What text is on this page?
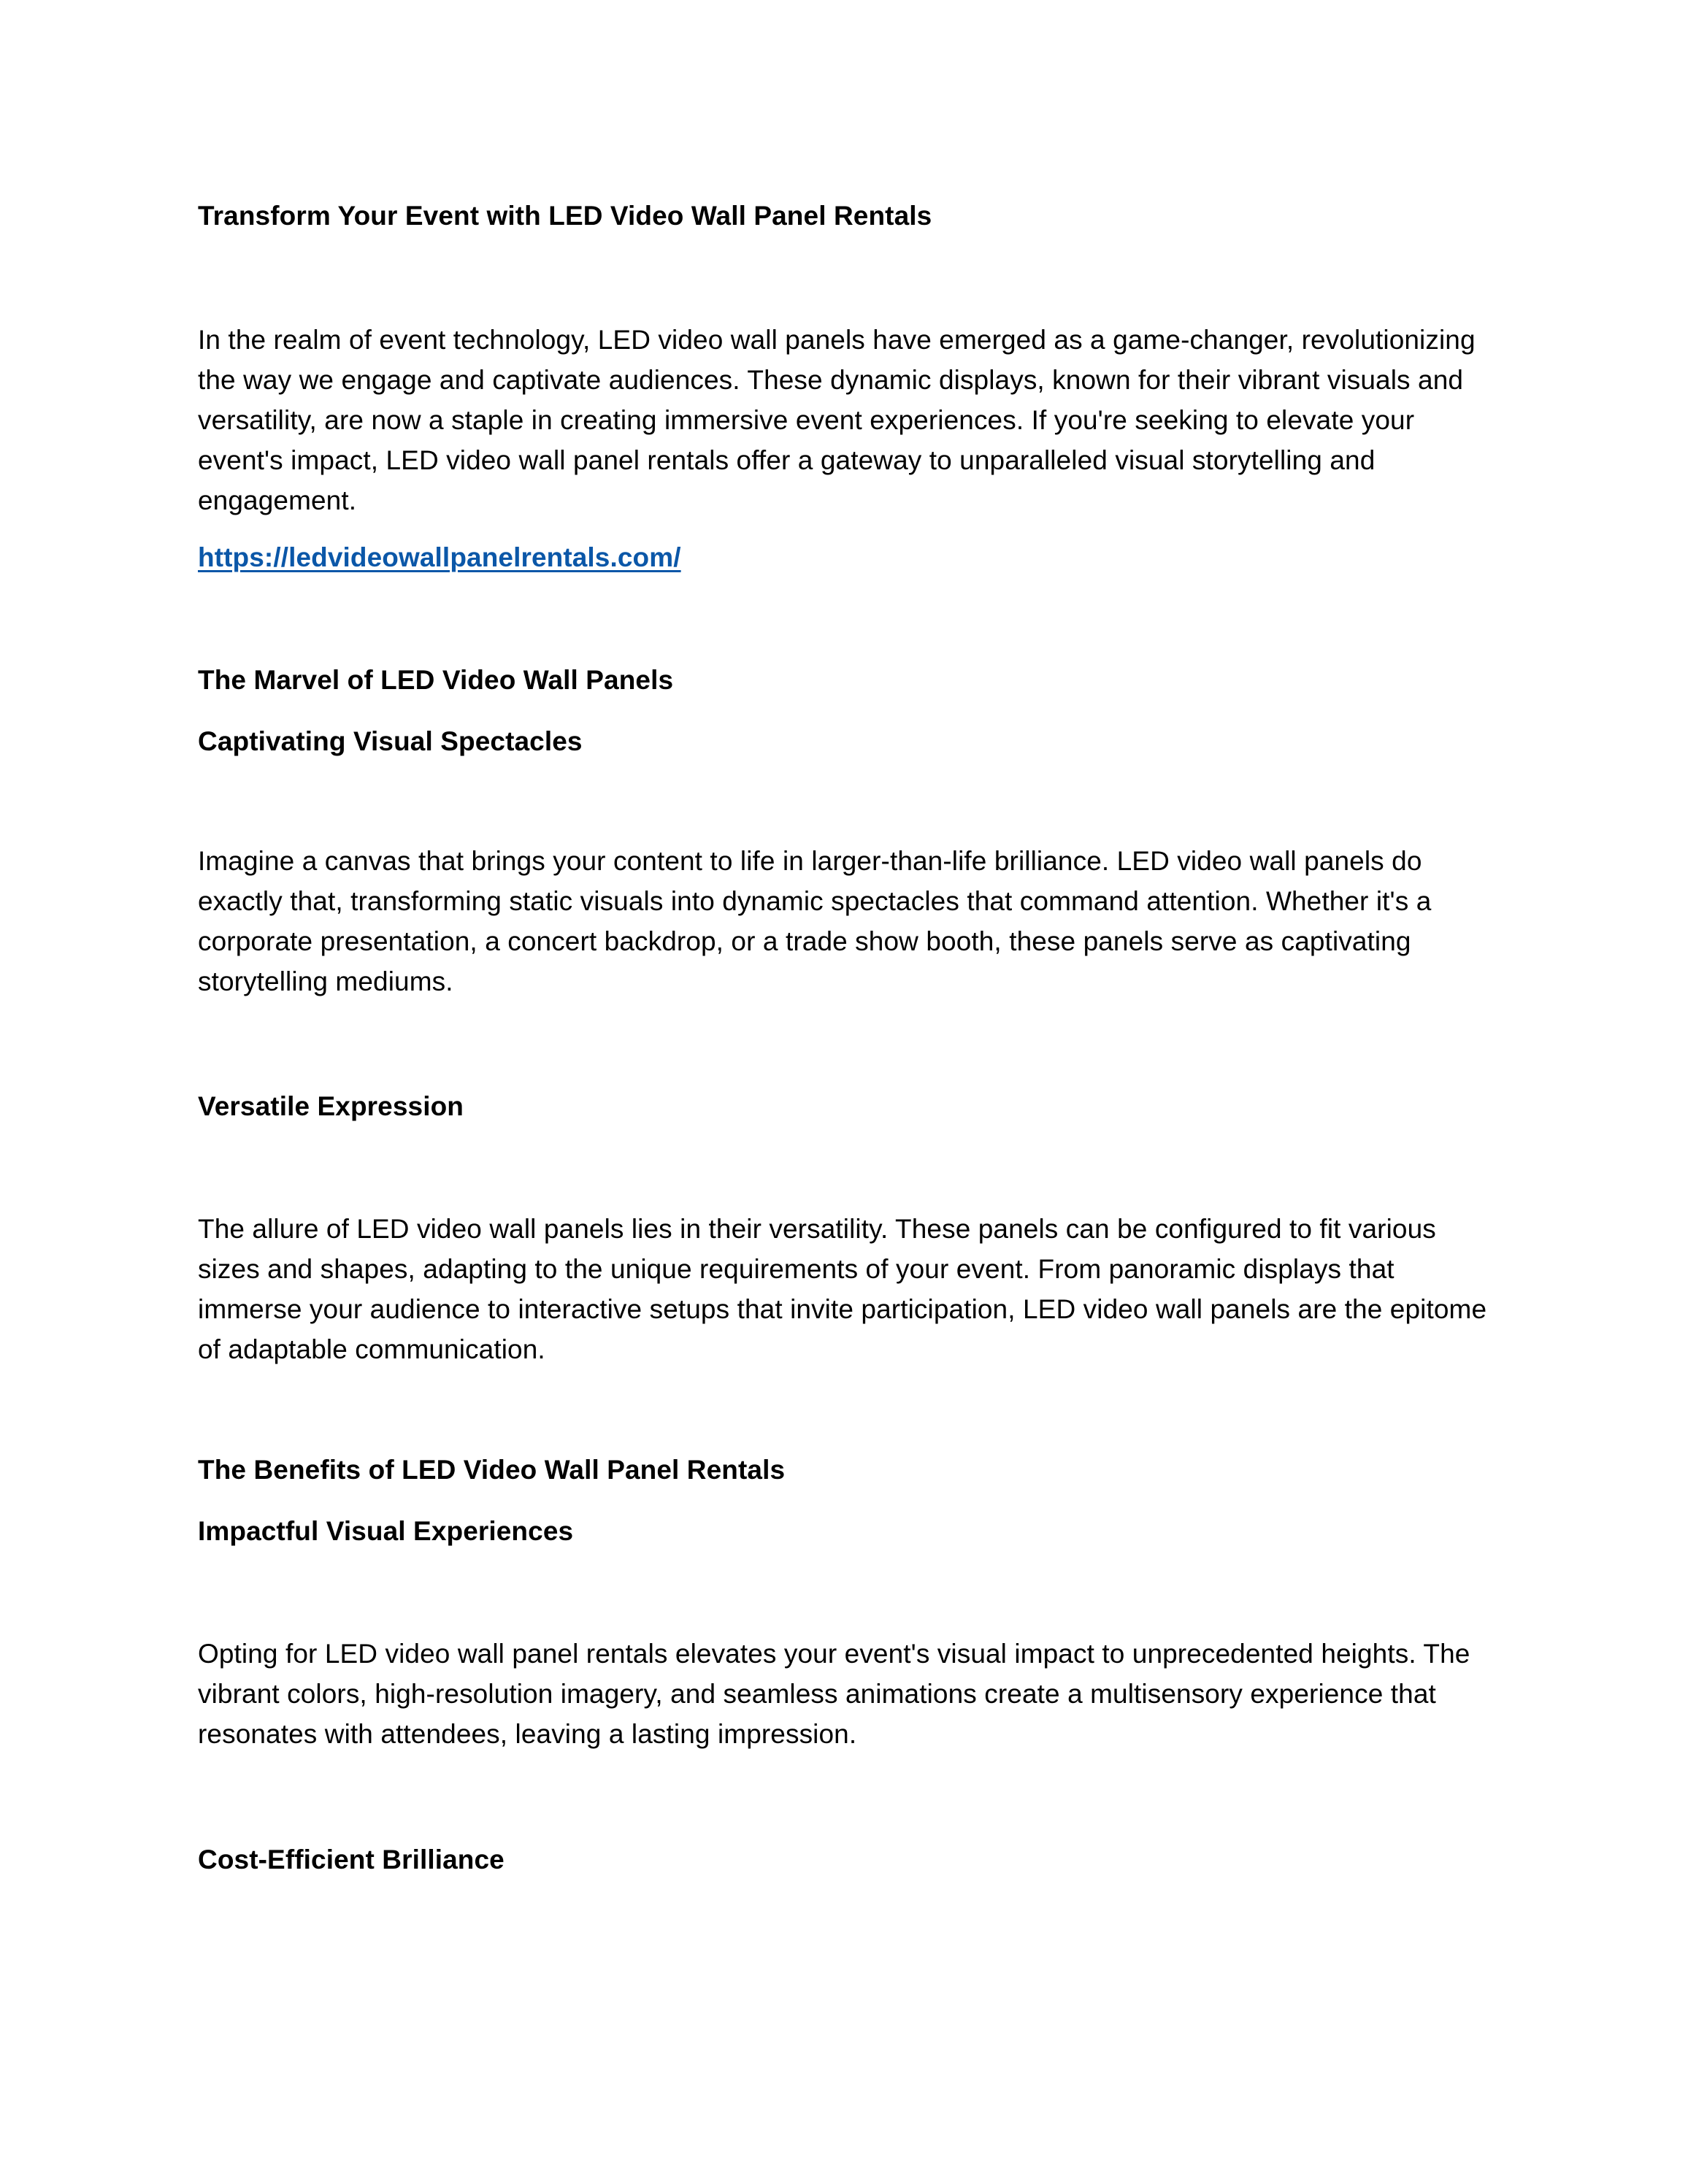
Transform Your Event with LED Video Wall Panel Rentals

In the realm of event technology, LED video wall panels have emerged as a game-changer, revolutionizing the way we engage and captivate audiences. These dynamic displays, known for their vibrant visuals and versatility, are now a staple in creating immersive event experiences. If you're seeking to elevate your event's impact, LED video wall panel rentals offer a gateway to unparalleled visual storytelling and engagement.

https://ledvideowallpanelrentals.com/

The Marvel of LED Video Wall Panels

Captivating Visual Spectacles

Imagine a canvas that brings your content to life in larger-than-life brilliance. LED video wall panels do exactly that, transforming static visuals into dynamic spectacles that command attention. Whether it's a corporate presentation, a concert backdrop, or a trade show booth, these panels serve as captivating storytelling mediums.

Versatile Expression

The allure of LED video wall panels lies in their versatility. These panels can be configured to fit various sizes and shapes, adapting to the unique requirements of your event. From panoramic displays that immerse your audience to interactive setups that invite participation, LED video wall panels are the epitome of adaptable communication.

The Benefits of LED Video Wall Panel Rentals

Impactful Visual Experiences

Opting for LED video wall panel rentals elevates your event's visual impact to unprecedented heights. The vibrant colors, high-resolution imagery, and seamless animations create a multisensory experience that resonates with attendees, leaving a lasting impression.

Cost-Efficient Brilliance
